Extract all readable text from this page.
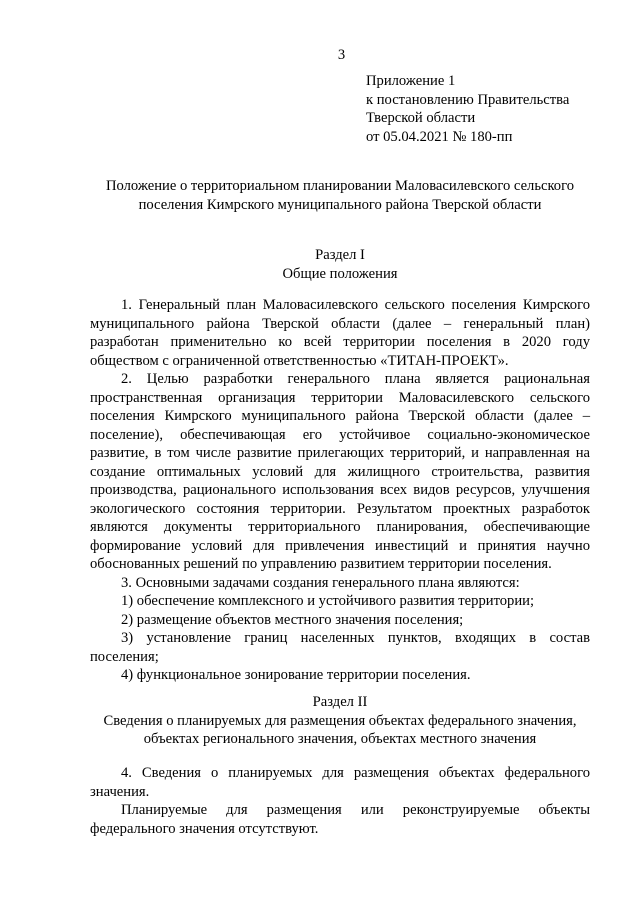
3
Приложение 1
к постановлению Правительства
Тверской области
от 05.04.2021 № 180-пп
Положение о территориальном планировании Маловасилевского сельского
поселения Кимрского муниципального района Тверской области
Раздел I
Общие положения

1. Генеральный план Маловасилевского сельского поселения Кимрского муниципального района Тверской области (далее – генеральный план) разработан применительно ко всей территории поселения в 2020 году обществом с ограниченной ответственностью «ТИТАН-ПРОЕКТ».

2. Целью разработки генерального плана является рациональная пространственная организация территории Маловасилевского сельского поселения Кимрского муниципального района Тверской области (далее – поселение), обеспечивающая его устойчивое социально-экономическое развитие, в том числе развитие прилегающих территорий, и направленная на создание оптимальных условий для жилищного строительства, развития производства, рационального использования всех видов ресурсов, улучшения экологического состояния территории. Результатом проектных разработок являются документы территориального планирования, обеспечивающие формирование условий для привлечения инвестиций и принятия научно обоснованных решений по управлению развитием территории поселения.

3. Основными задачами создания генерального плана являются:

1) обеспечение комплексного и устойчивого развития территории;

2) размещение объектов местного значения поселения;

3) установление границ населенных пунктов, входящих в состав поселения;

4) функциональное зонирование территории поселения.

Раздел II
Сведения о планируемых для размещения объектах федерального значения,
объектах регионального значения, объектах местного значения

4. Сведения о планируемых для размещения объектах федерального значения.

Планируемые для размещения или реконструируемые объекты федерального значения отсутствуют.
